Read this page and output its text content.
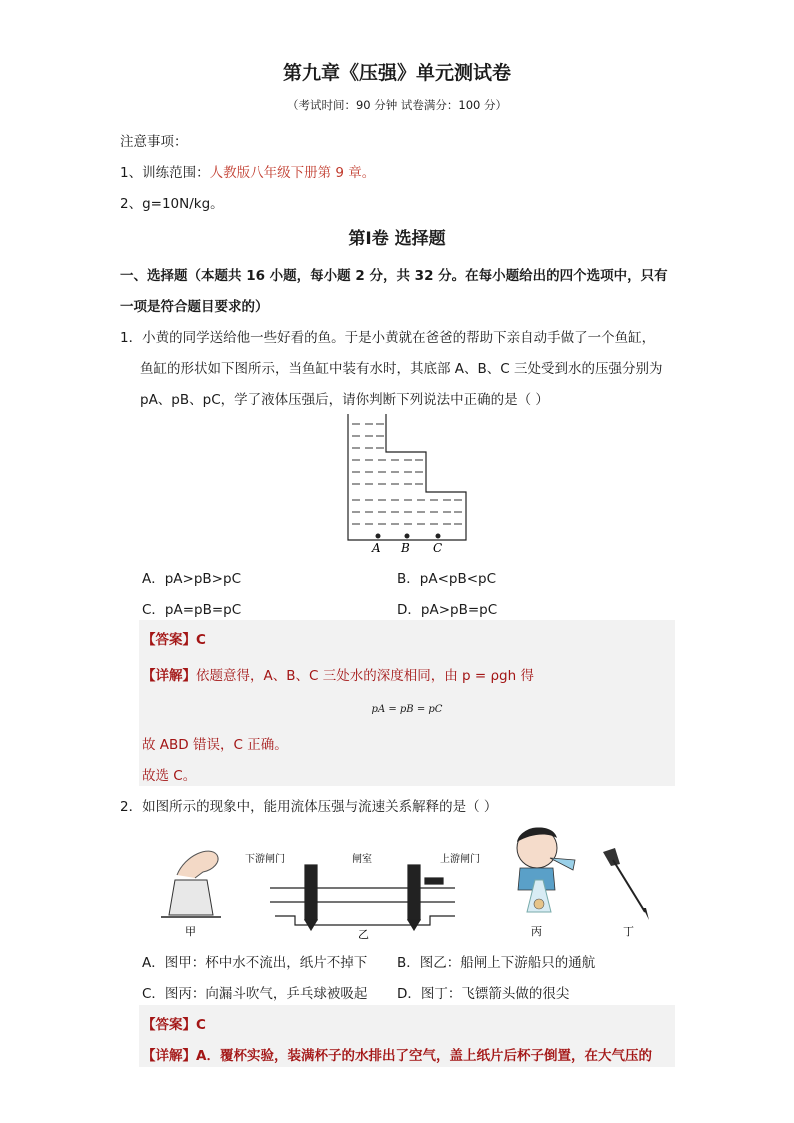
第九章《压强》单元测试卷
（考试时间：90 分钟 试卷满分：100 分）
注意事项：
1、训练范围：人教版八年级下册第 9 章。
2、g=10N/kg。
第Ⅰ卷 选择题
一、选择题（本题共 16 小题，每小题 2 分，共 32 分。在每小题给出的四个选项中，只有
一项是符合题目要求的）
1．小黄的同学送给他一些好看的鱼。于是小黄就在爸爸的帮助下亲自动手做了一个鱼缸，
鱼缸的形状如下图所示，当鱼缸中装有水时，其底部 A、B、C 三处受到水的压强分别为
pA、pB、pC，学了液体压强后，请你判断下列说法中正确的是（ ）
A B C
A．pA>pB>pC	B．pA<pB<pC
C．pA=pB=pC	D．pA>pB=pC
【答案】C
【详解】依题意得，A、B、C 三处水的深度相同，由 p = ρgh 得
pA = pB = pC
故 ABD 错误，C 正确。
故选 C。
2．如图所示的现象中，能用流体压强与流速关系解释的是（ ）
甲
下游闸门	闸室	上游闸门
乙	丙	丁
A．图甲：杯中水不流出，纸片不掉下 B．图乙：船闸上下游船只的通航
C．图丙：向漏斗吹气，乒乓球被吸起 D．图丁：飞镖箭头做的很尖
【答案】C
【详解】A．覆杯实验，装满杯子的水排出了空气，盖上纸片后杯子倒置，在大气压的
